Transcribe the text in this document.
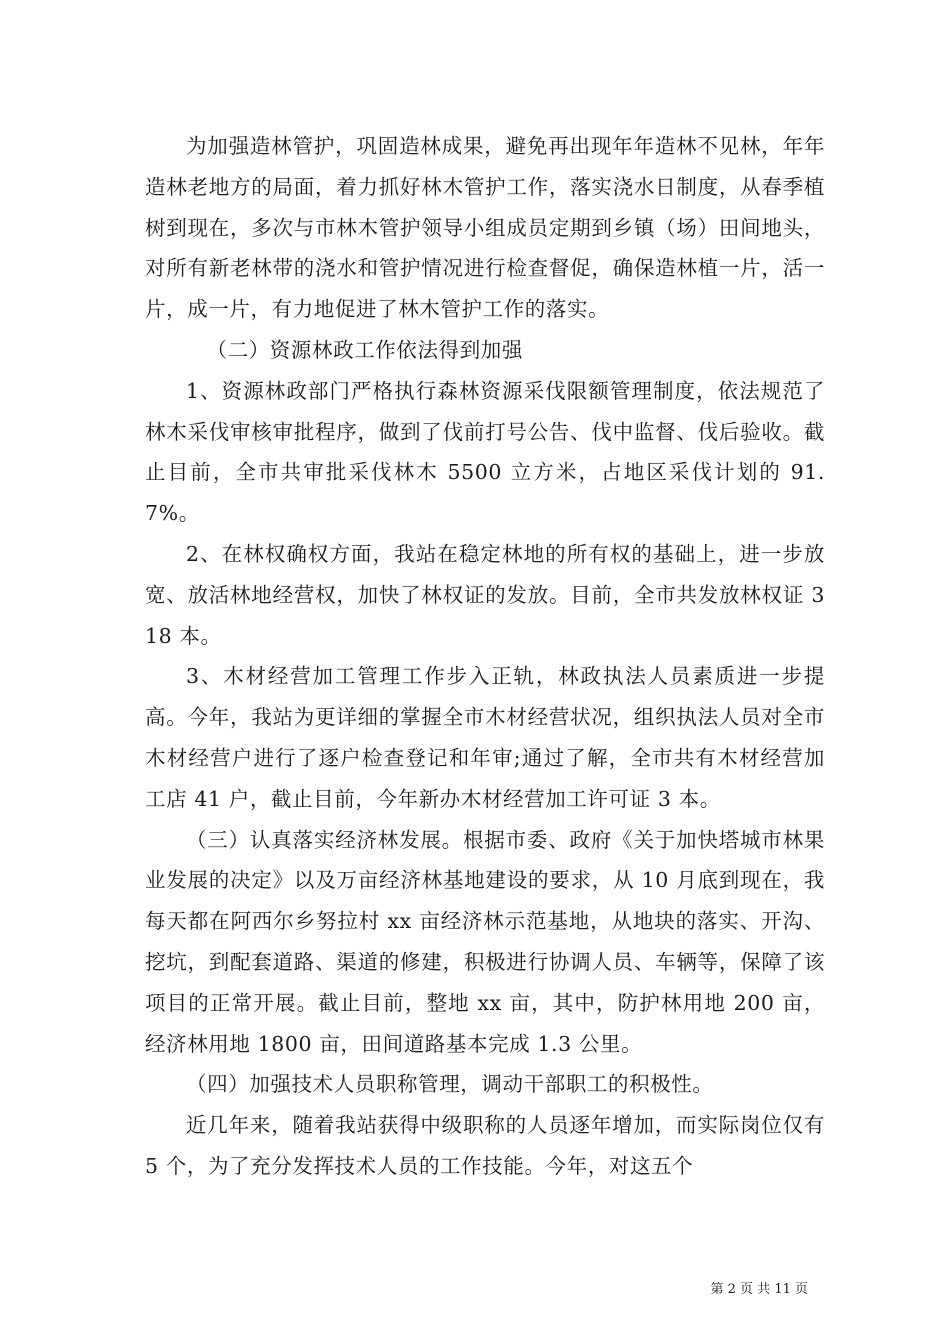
为加强造林管护，巩固造林成果，避免再出现年年造林不见林，年年造林老地方的局面，着力抓好林木管护工作，落实浇水日制度，从春季植树到现在，多次与市林木管护领导小组成员定期到乡镇（场）田间地头，对所有新老林带的浇水和管护情况进行检查督促，确保造林植一片，活一片，成一片，有力地促进了林木管护工作的落实。

（二）资源林政工作依法得到加强

1、资源林政部门严格执行森林资源采伐限额管理制度，依法规范了林木采伐审核审批程序，做到了伐前打号公告、伐中监督、伐后验收。截止目前，全市共审批采伐林木 5500 立方米，占地区采伐计划的 91.7%。

2、在林权确权方面，我站在稳定林地的所有权的基础上，进一步放宽、放活林地经营权，加快了林权证的发放。目前，全市共发放林权证 318 本。

3、木材经营加工管理工作步入正轨，林政执法人员素质进一步提高。今年，我站为更详细的掌握全市木材经营状况，组织执法人员对全市木材经营户进行了逐户检查登记和年审;通过了解，全市共有木材经营加工店 41 户，截止目前，今年新办木材经营加工许可证 3 本。

（三）认真落实经济林发展。根据市委、政府《关于加快塔城市林果业发展的决定》以及万亩经济林基地建设的要求，从 10 月底到现在，我每天都在阿西尔乡努拉村 xx 亩经济林示范基地，从地块的落实、开沟、挖坑，到配套道路、渠道的修建，积极进行协调人员、车辆等，保障了该项目的正常开展。截止目前，整地 xx 亩，其中，防护林用地 200 亩，经济林用地 1800 亩，田间道路基本完成 1.3 公里。

（四）加强技术人员职称管理，调动干部职工的积极性。

近几年来，随着我站获得中级职称的人员逐年增加，而实际岗位仅有 5 个，为了充分发挥技术人员的工作技能。今年，对这五个

第 2 页 共 11 页
